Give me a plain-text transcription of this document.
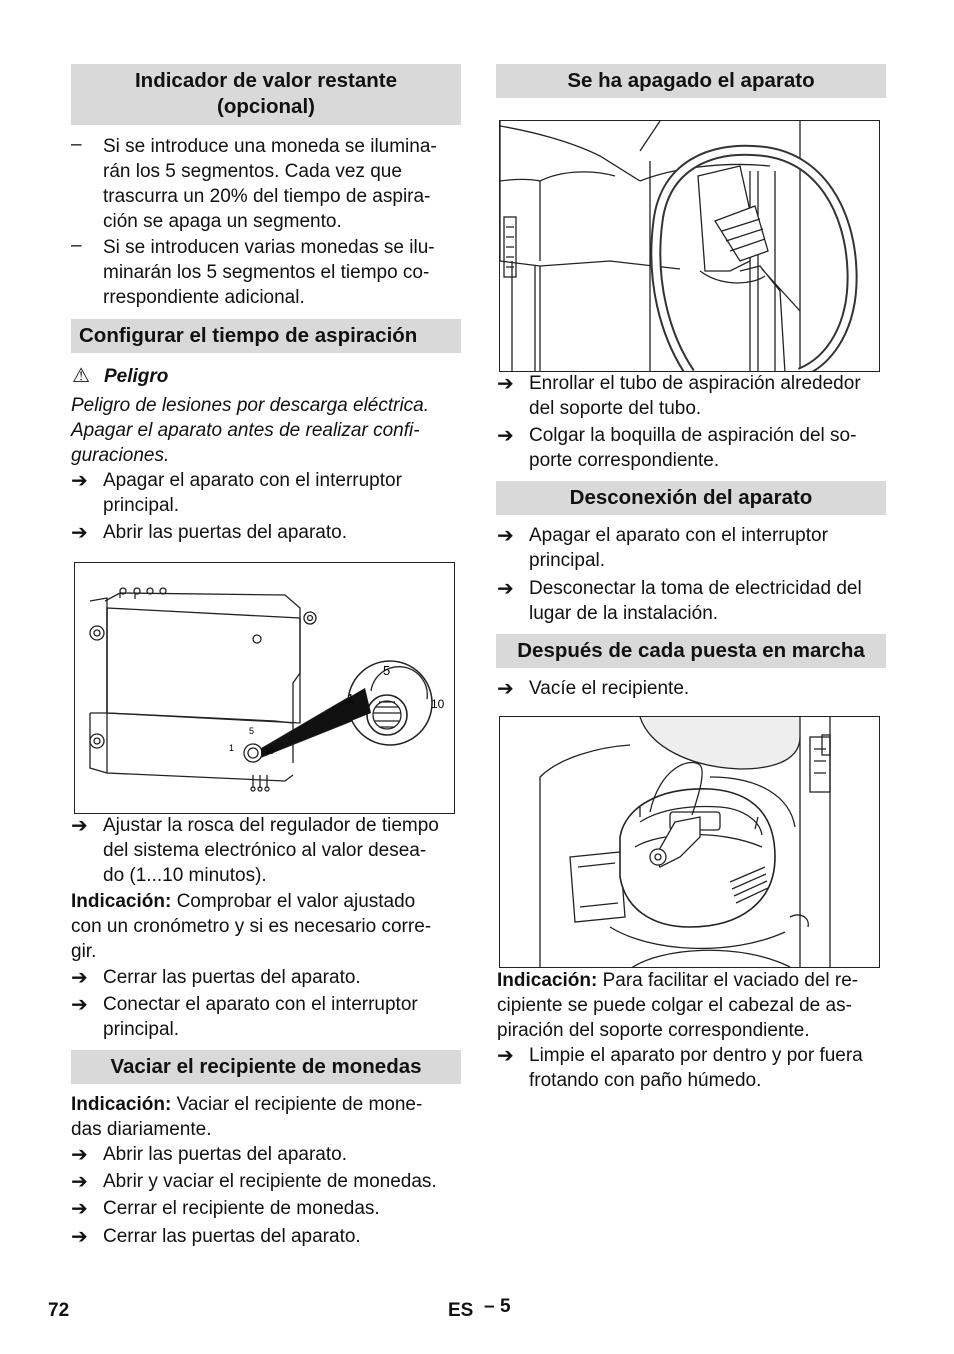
Indicador de valor restante
(opcional)
– Si se introduce una moneda se ilumina-
rán los 5 segmentos. Cada vez que
trascurra un 20% del tiempo de aspira-
ción se apaga un segmento.
– Si se introducen varias monedas se ilu-
minarán los 5 segmentos el tiempo co-
rrespondiente adicional.
Configurar el tiempo de aspiración
⚠ Peligro
Peligro de lesiones por descarga eléctrica.
Apagar el aparato antes de realizar confi-
guraciones.
➔ Apagar el aparato con el interruptor
principal.
➔ Abrir las puertas del aparato.
5
1	10
5
1	10
➔ Ajustar la rosca del regulador de tiempo
del sistema electrónico al valor desea-
do (1...10 minutos).
Indicación: Comprobar el valor ajustado
con un cronómetro y si es necesario corre-
gir.
➔ Cerrar las puertas del aparato.
➔ Conectar el aparato con el interruptor
principal.
Vaciar el recipiente de monedas
Indicación: Vaciar el recipiente de mone-
das diariamente.
➔ Abrir las puertas del aparato.
➔ Abrir y vaciar el recipiente de monedas.
➔ Cerrar el recipiente de monedas.
➔ Cerrar las puertas del aparato.
Se ha apagado el aparato
➔ Enrollar el tubo de aspiración alrededor
del soporte del tubo.
➔ Colgar la boquilla de aspiración del so-
porte correspondiente.
Desconexión del aparato
➔ Apagar el aparato con el interruptor
principal.
➔ Desconectar la toma de electricidad del
lugar de la instalación.
Después de cada puesta en marcha
➔ Vacíe el recipiente.
Indicación: Para facilitar el vaciado del re-
cipiente se puede colgar el cabezal de as-
piración del soporte correspondiente.
➔ Limpie el aparato por dentro y por fuera
frotando con paño húmedo.
72	ES – 5
